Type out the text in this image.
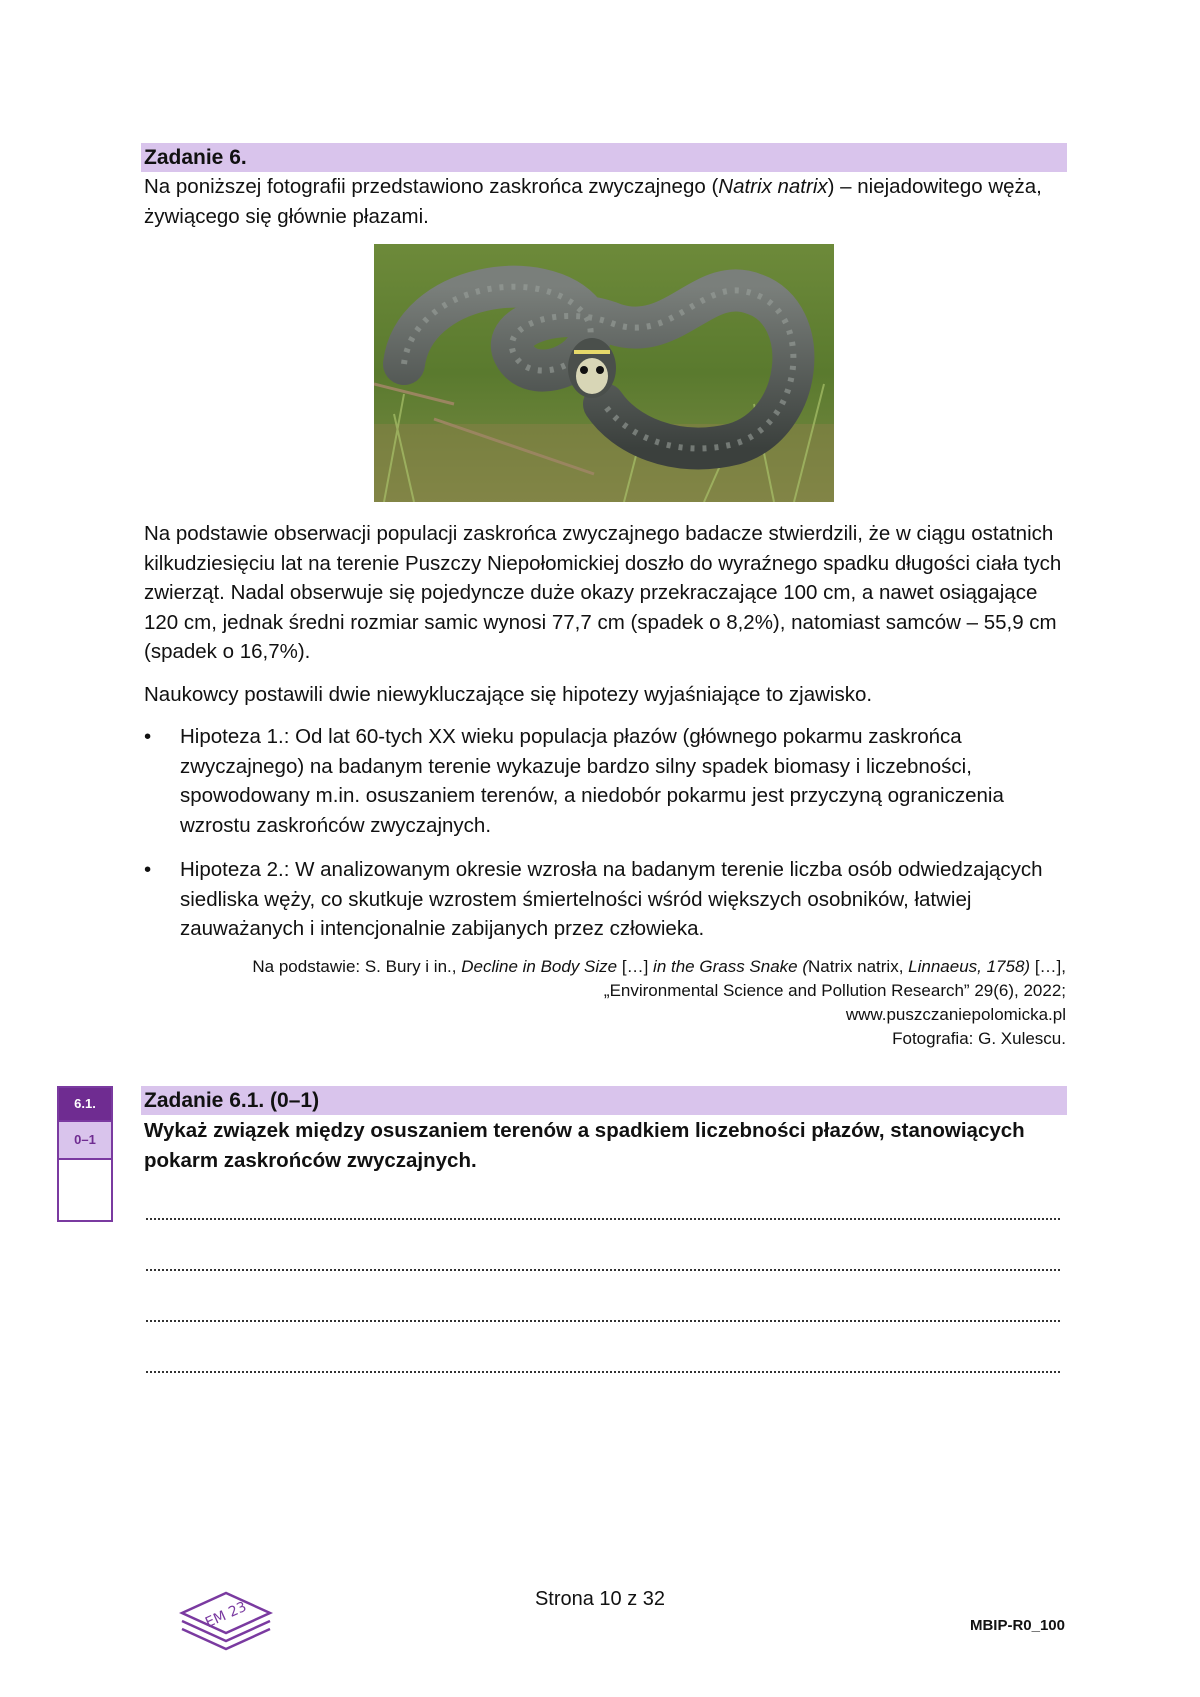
Zadanie 6.

Na poniższej fotografii przedstawiono zaskrońca zwyczajnego (Natrix natrix) – niejadowitego węża, żywiącego się głównie płazami.

Na podstawie obserwacji populacji zaskrońca zwyczajnego badacze stwierdzili, że w ciągu ostatnich kilkudziesięciu lat na terenie Puszczy Niepołomickiej doszło do wyraźnego spadku długości ciała tych zwierząt. Nadal obserwuje się pojedyncze duże okazy przekraczające 100 cm, a nawet osiągające 120 cm, jednak średni rozmiar samic wynosi 77,7 cm (spadek o 8,2%), natomiast samców – 55,9 cm (spadek o 16,7%).

Naukowcy postawili dwie niewykluczające się hipotezy wyjaśniające to zjawisko.

•	Hipoteza 1.: Od lat 60-tych XX wieku populacja płazów (głównego pokarmu zaskrońca zwyczajnego) na badanym terenie wykazuje bardzo silny spadek biomasy i liczebności, spowodowany m.in. osuszaniem terenów, a niedobór pokarmu jest przyczyną ograniczenia wzrostu zaskrońców zwyczajnych.
•	Hipoteza 2.: W analizowanym okresie wzrosła na badanym terenie liczba osób odwiedzających siedliska węży, co skutkuje wzrostem śmiertelności wśród większych osobników, łatwiej zauważanych i intencjonalnie zabijanych przez człowieka.

Na podstawie: S. Bury i in., Decline in Body Size […] in the Grass Snake (Natrix natrix, Linnaeus, 1758) […],

„Environmental Science and Pollution Research” 29(6), 2022;

www.puszczaniepolomicka.pl

Fotografia: G. Xulescu.

6.1.
0–1
Zadanie 6.1. (0–1)

Wykaż związek między osuszaniem terenów a spadkiem liczebności płazów, stanowiących pokarm zaskrońców zwyczajnych.

EM 23	Strona 10 z 32
MBIP-R0_100
